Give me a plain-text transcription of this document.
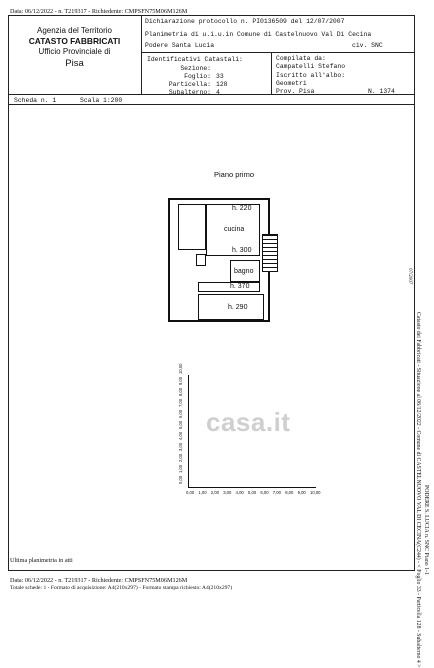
Data: 06/12/2022 - n. T219317 - Richiedente: CMPSFN75M06M126M
Agenzia del Territorio
CATASTO FABBRICATI
Ufficio Provinciale di
Pisa
Dichiarazione protocollo n. PI0136509 del 12/07/2007
Planimetria di u.i.u.in Comune di Castelnuovo Val Di Cecina
Podere Santa Lucia	civ. SNC
Identificativi Catastali:
Sezione:
Foglio: 33
Particella: 128
Subalterno: 4
Compilata da:
Campatelli Stefano
Iscritto all'albo:
Geometri
Prov. Pisa	N. 1374
Scheda n. 1	Scala 1:200
Piano primo
h. 220
cucina
h. 300
bagno
h. 370
h. 290
0,00 1,00 2,00 3,00 4,00 5,00 6,00 7,00 8,00 9,00 10,00
0,00
1,00
2,00
3,00
4,00
5,00
6,00
7,00
8,00
9,00
10,00
casa.it	Catasto dei Fabbricati - Situazione al 06/12/2022 - Comune di CASTELNUOVO VAL DI CECINA(C244) - < Foglio 33 - Particella 128 - Subalterno 4 > PODERE S. LUCIA n. SNC Piano 1-1
07/2007
Ultima planimetria in atti
Data: 06/12/2022 - n. T219317 - Richiedente: CMPSFN75M06M126M
Totale schede: 1 - Formato di acquisizione: A4(210x297) - Formato stampa richiesto: A4(210x297)
